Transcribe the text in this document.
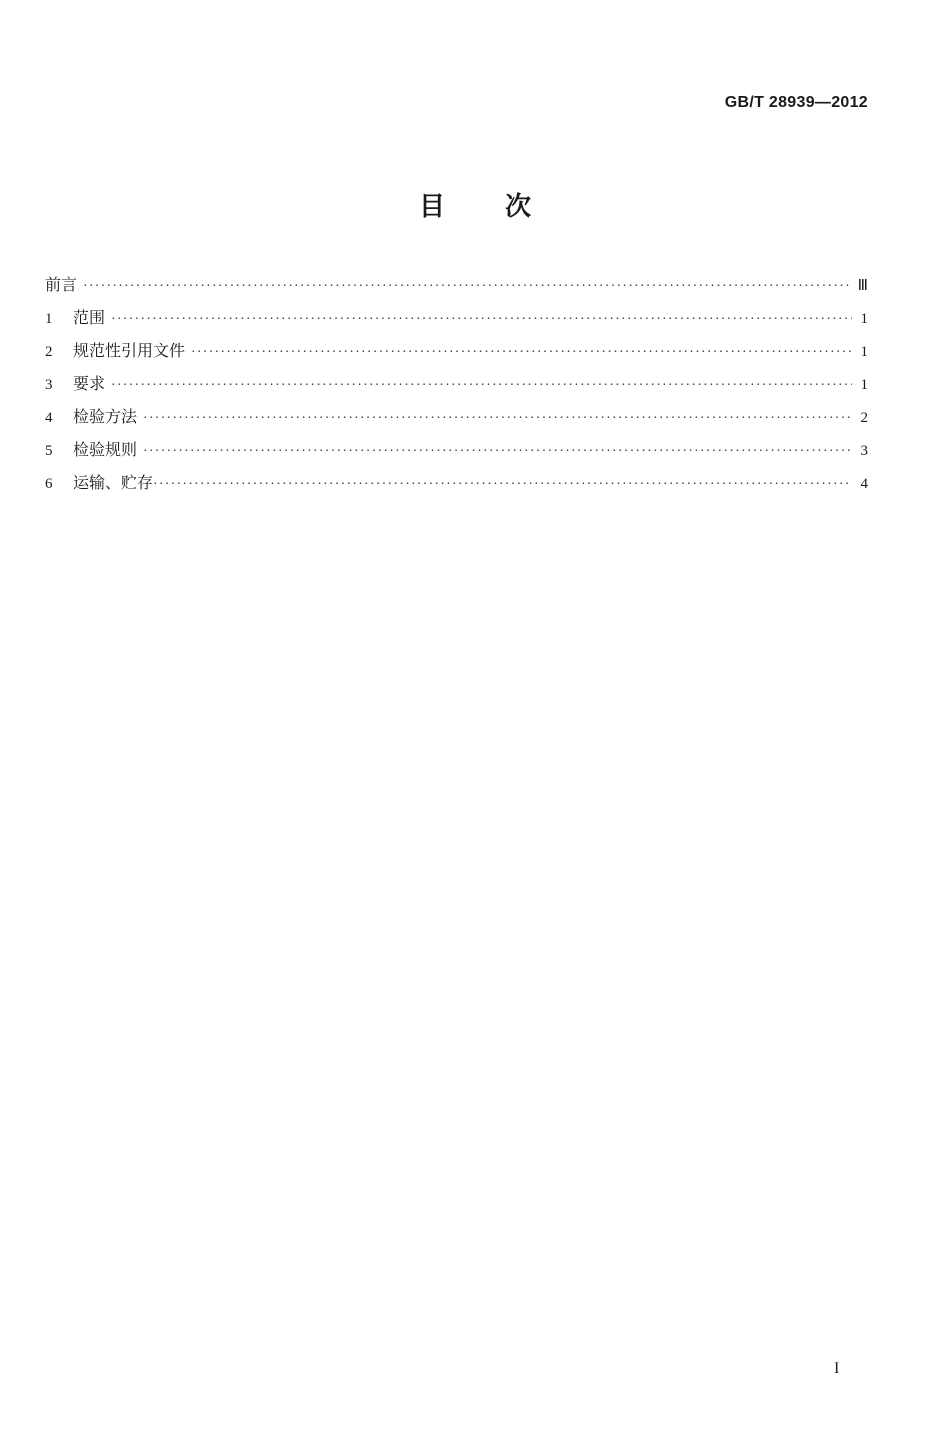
GB/T 28939—2012
目 次
前言 ·····	Ⅲ
1	范围 ·····	1
2	规范性引用文件 ·····	1
3	要求 ·····	1
4	检验方法 ·····	2
5	检验规则 ·····	3
6	运输、贮存 ·····	4
I
